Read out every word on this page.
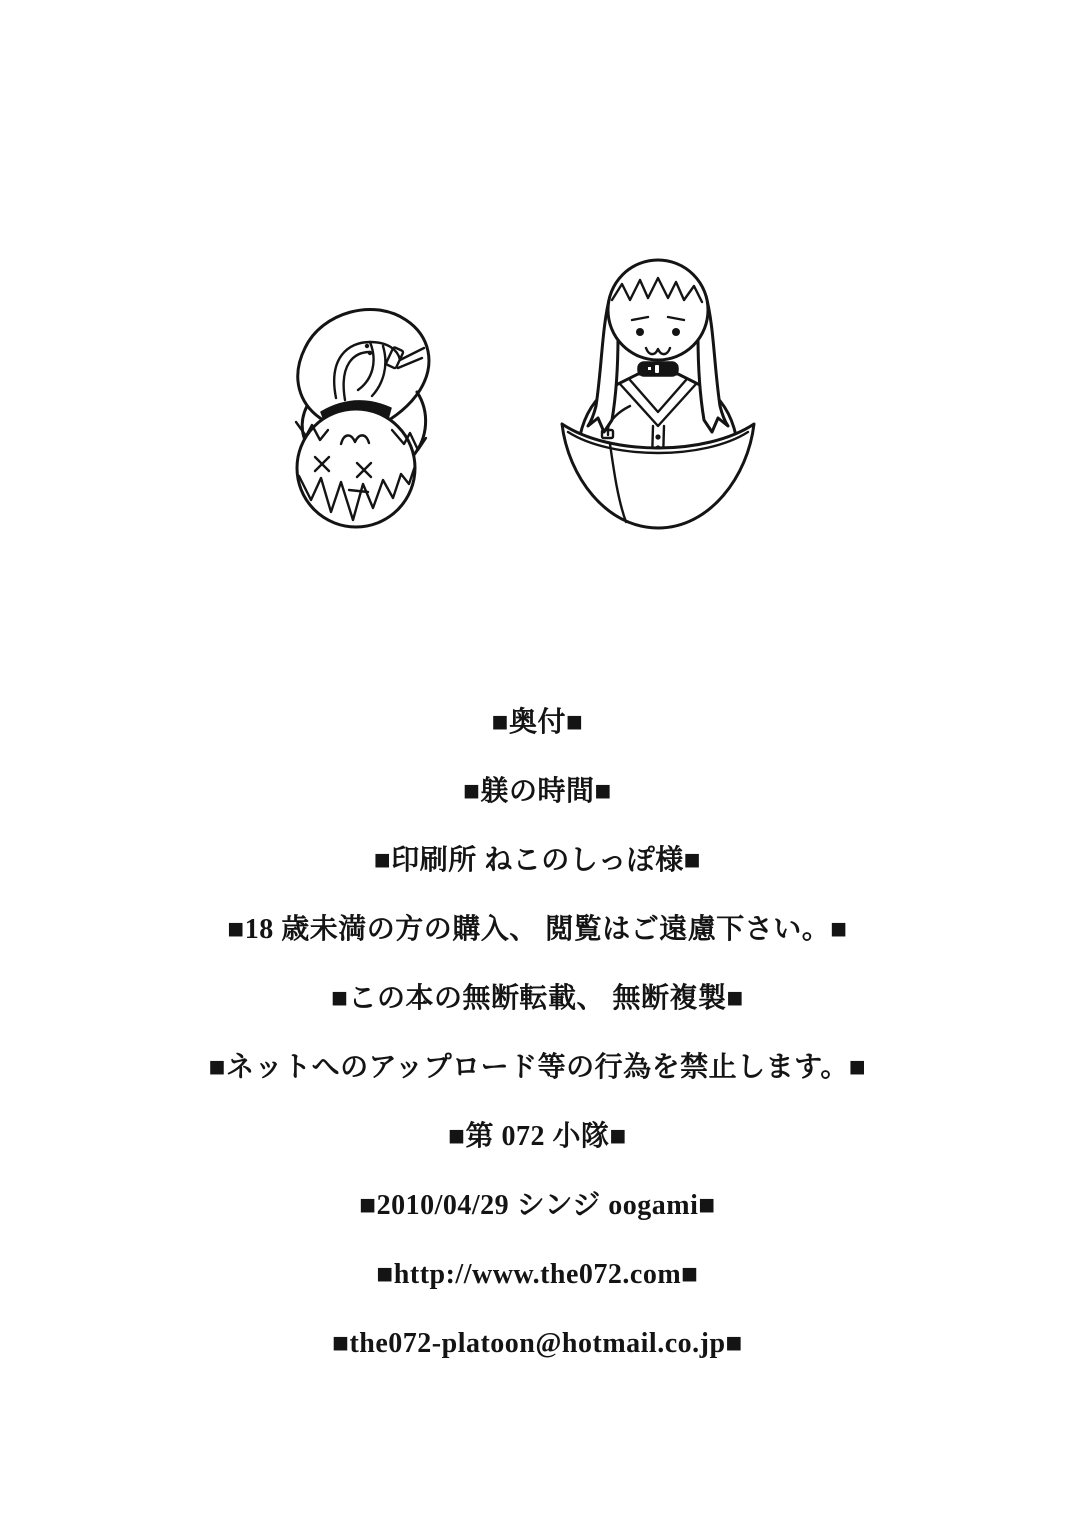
■奥付■
■躾の時間■
■印刷所 ねこのしっぽ様■
■18 歳未満の方の購入、 閲覧はご遠慮下さい。■
■この本の無断転載、 無断複製■
■ネットへのアップロード等の行為を禁止します。■
■第 072 小隊■
■2010/04/29 シンジ oogami■
■http://www.the072.com■
■the072-platoon@hotmail.co.jp■
